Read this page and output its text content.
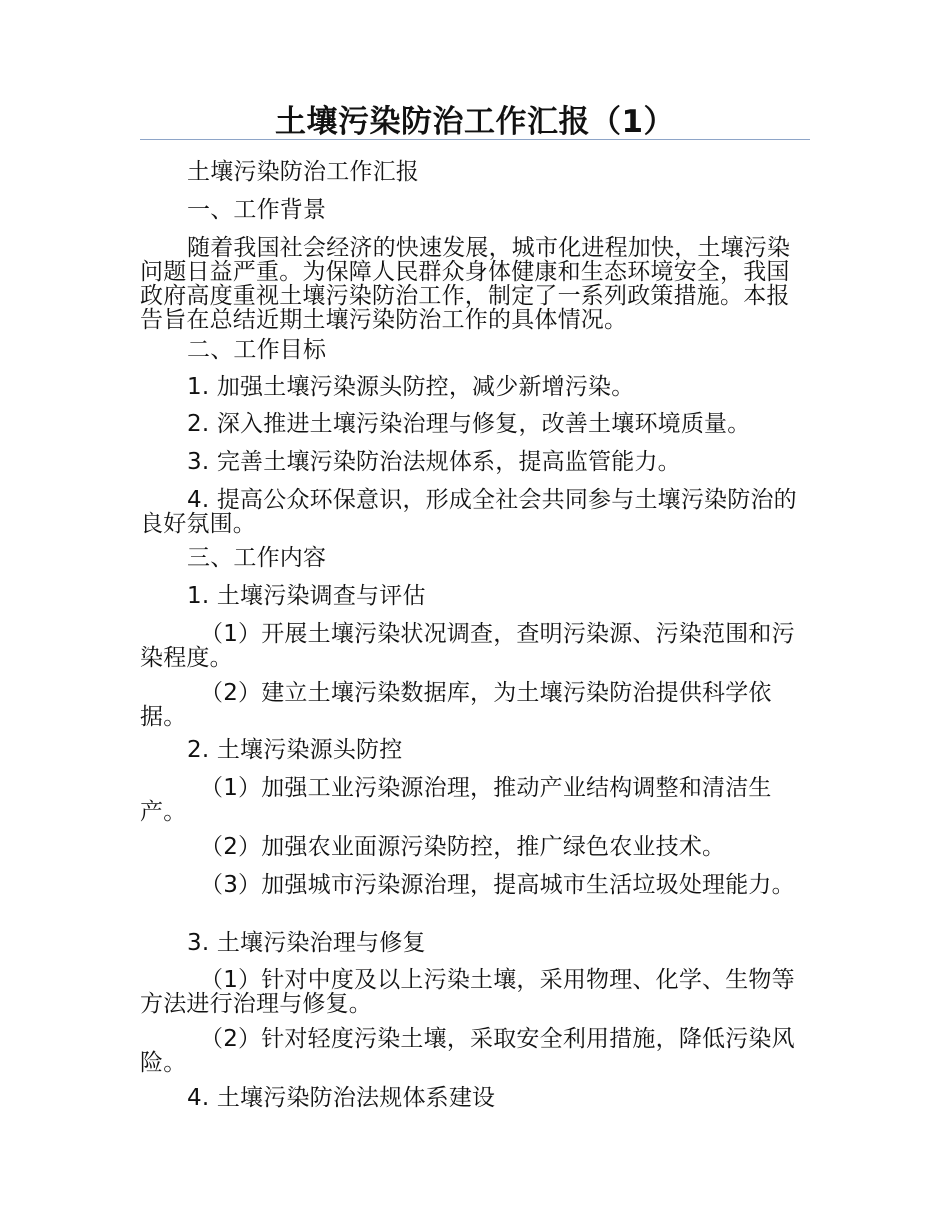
土壤污染防治工作汇报（1）

土壤污染防治工作汇报

一、工作背景

随着我国社会经济的快速发展，城市化进程加快，土壤污染问题日益严重。为保障人民群众身体健康和生态环境安全，我国政府高度重视土壤污染防治工作，制定了一系列政策措施。本报告旨在总结近期土壤污染防治工作的具体情况。

二、工作目标

1. 加强土壤污染源头防控，减少新增污染。

2. 深入推进土壤污染治理与修复，改善土壤环境质量。

3. 完善土壤污染防治法规体系，提高监管能力。

4. 提高公众环保意识，形成全社会共同参与土壤污染防治的良好氛围。

三、工作内容

1. 土壤污染调查与评估

（1）开展土壤污染状况调查，查明污染源、污染范围和污染程度。

（2）建立土壤污染数据库，为土壤污染防治提供科学依据。

2. 土壤污染源头防控

（1）加强工业污染源治理，推动产业结构调整和清洁生产。

（2）加强农业面源污染防控，推广绿色农业技术。

（3）加强城市污染源治理，提高城市生活垃圾处理能力。

3. 土壤污染治理与修复

（1）针对中度及以上污染土壤，采用物理、化学、生物等方法进行治理与修复。

（2）针对轻度污染土壤，采取安全利用措施，降低污染风险。

4. 土壤污染防治法规体系建设
